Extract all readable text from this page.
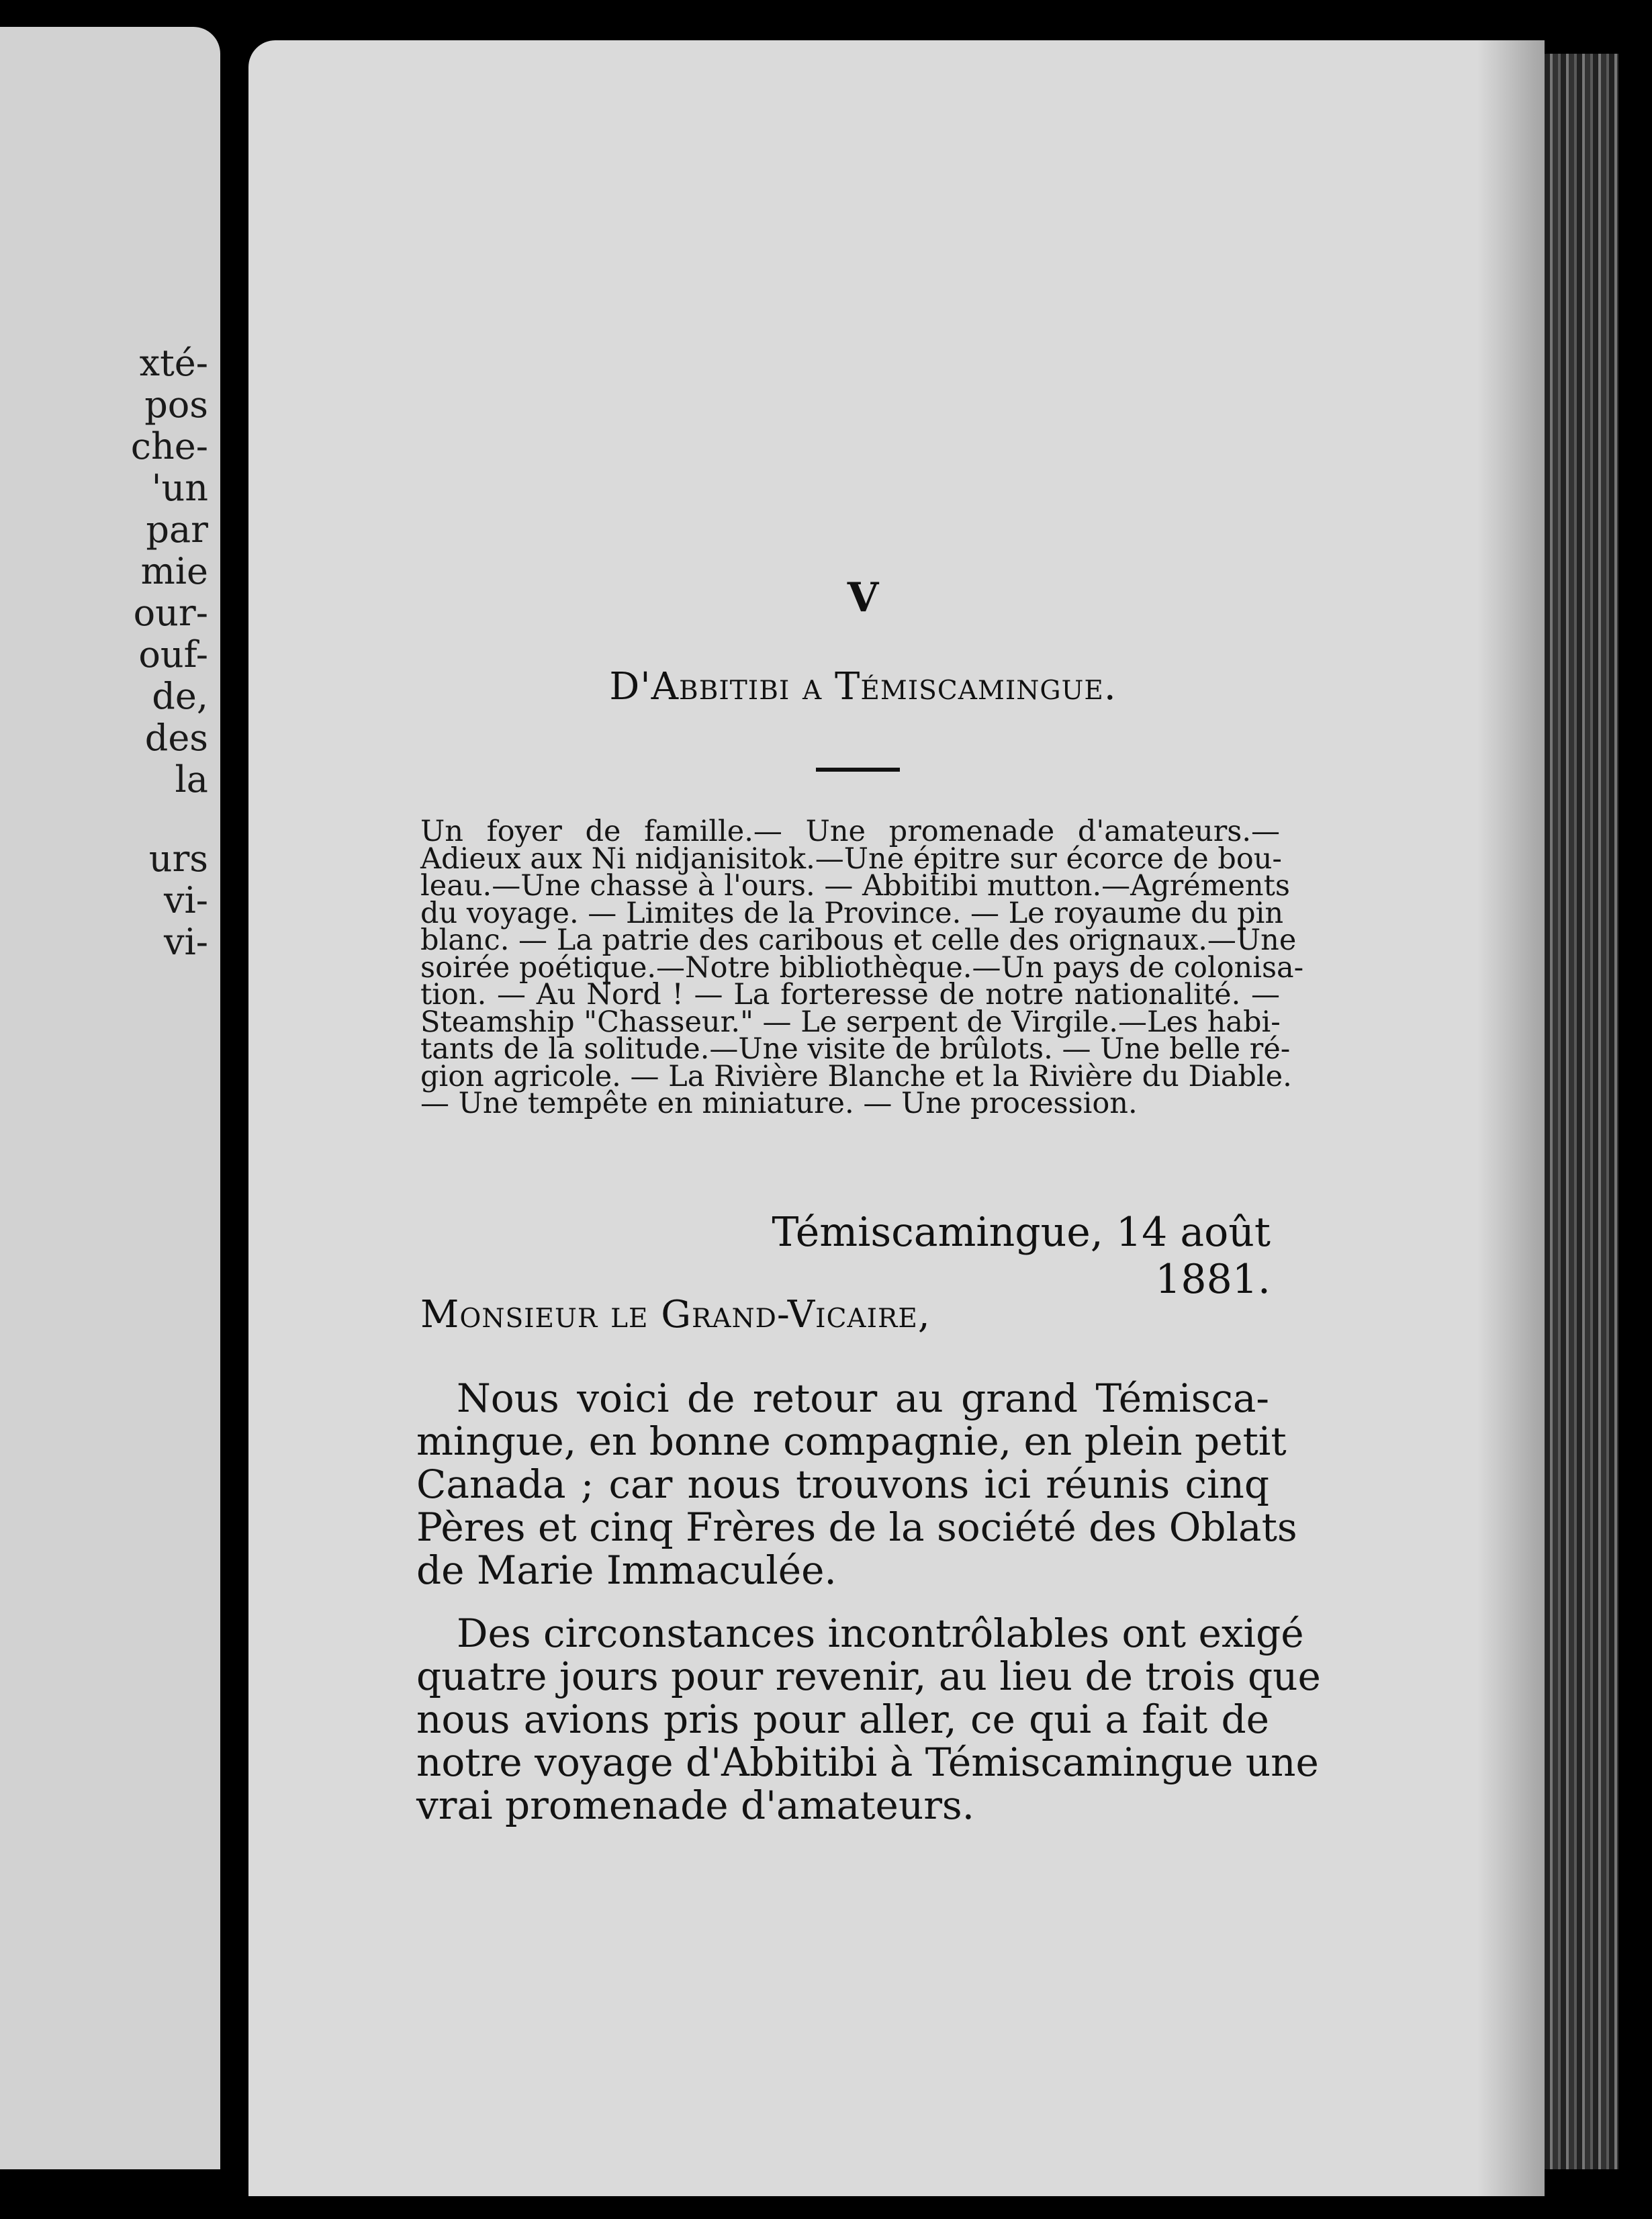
xté-
pos
che-
'un
par
mie
our-
ouf-
de,
des
la
urs
vi-
vi-
V
D'Abbitibi a Témiscamingue.
Un foyer de famille.— Une promenade d'amateurs.—
Adieux aux Ni nidjanisitok.—Une épitre sur écorce de bou-
leau.—Une chasse à l'ours. — Abbitibi mutton.—Agréments
du voyage. — Limites de la Province. — Le royaume du pin
blanc. — La patrie des caribous et celle des orignaux.—Une
soirée poétique.—Notre bibliothèque.—Un pays de colonisa-
tion. — Au Nord ! — La forteresse de notre nationalité. —
Steamship "Chasseur." — Le serpent de Virgile.—Les habi-
tants de la solitude.—Une visite de brûlots. — Une belle ré-
gion agricole. — La Rivière Blanche et la Rivière du Diable.
— Une tempête en miniature. — Une procession.
Témiscamingue, 14 août 1881.
Monsieur le Grand-Vicaire,
Nous voici de retour au grand Témisca-
mingue, en bonne compagnie, en plein petit
Canada ; car nous trouvons ici réunis cinq
Pères et cinq Frères de la société des Oblats
de Marie Immaculée.
Des circonstances incontrôlables ont exigé
quatre jours pour revenir, au lieu de trois que
nous avions pris pour aller, ce qui a fait de
notre voyage d'Abbitibi à Témiscamingue une
vrai promenade d'amateurs.
